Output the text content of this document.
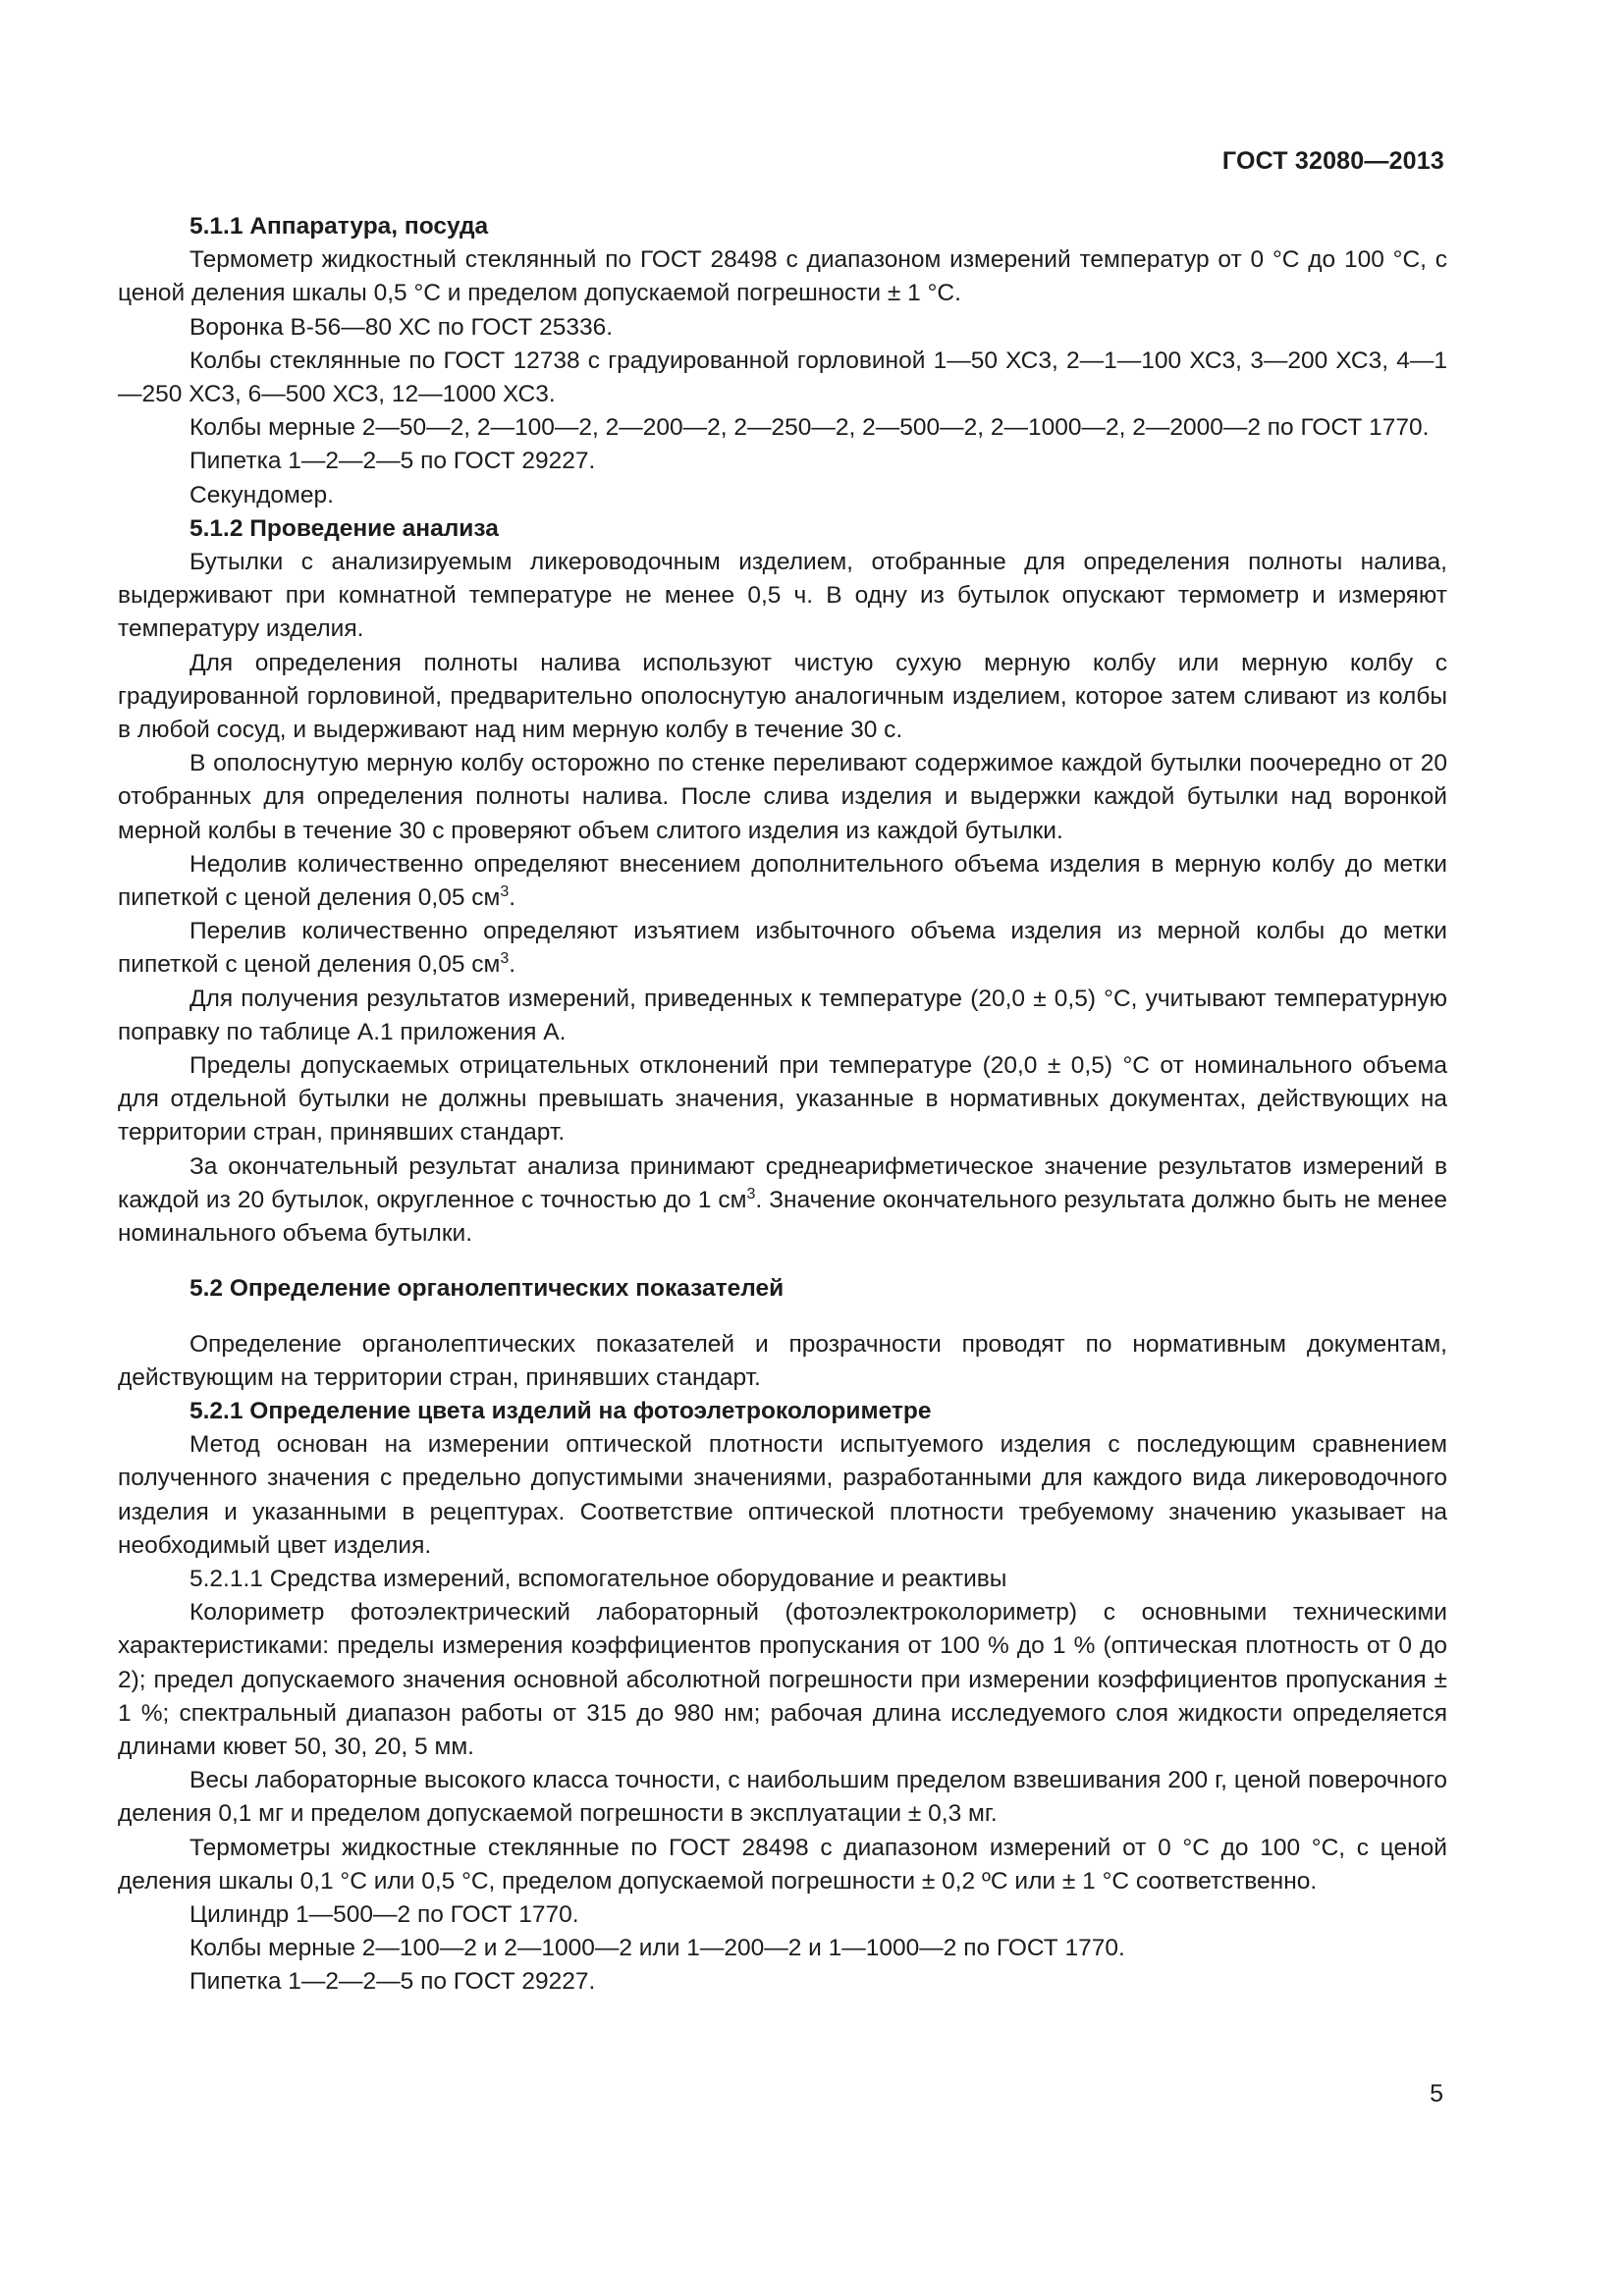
ГОСТ 32080—2013

5.1.1 Аппаратура, посуда

Термометр жидкостный стеклянный по ГОСТ 28498 с диапазоном измерений температур от 0 °С до 100 °С, с ценой деления шкалы 0,5 °С и пределом допускаемой погрешности ± 1 °С.

Воронка В-56—80 ХС по ГОСТ 25336.

Колбы стеклянные по ГОСТ 12738 с градуированной горловиной 1—50 ХС3, 2—1—100 ХС3, 3—200 ХС3, 4—1—250 ХС3, 6—500 ХС3, 12—1000 ХС3.

Колбы мерные 2—50—2, 2—100—2, 2—200—2, 2—250—2, 2—500—2, 2—1000—2, 2—2000—2 по ГОСТ 1770.

Пипетка 1—2—2—5 по ГОСТ 29227.

Секундомер.

5.1.2 Проведение анализа

Бутылки с анализируемым ликероводочным изделием, отобранные для определения полноты налива, выдерживают при комнатной температуре не менее 0,5 ч. В одну из бутылок опускают термометр и измеряют температуру изделия.

Для определения полноты налива используют чистую сухую мерную колбу или мерную колбу с градуированной горловиной, предварительно ополоснутую аналогичным изделием, которое затем сливают из колбы в любой сосуд, и выдерживают над ним мерную колбу в течение 30 с.

В ополоснутую мерную колбу осторожно по стенке переливают содержимое каждой бутылки поочередно от 20 отобранных для определения полноты налива. После слива изделия и выдержки каждой бутылки над воронкой мерной колбы в течение 30 с проверяют объем слитого изделия из каждой бутылки.

Недолив количественно определяют внесением дополнительного объема изделия в мерную колбу до метки пипеткой с ценой деления 0,05 $см^3$.

Перелив количественно определяют изъятием избыточного объема изделия из мерной колбы до метки пипеткой с ценой деления 0,05 $см^3$.

Для получения результатов измерений, приведенных к температуре (20,0 ± 0,5) °С, учитывают температурную поправку по таблице А.1 приложения А.

Пределы допускаемых отрицательных отклонений при температуре (20,0 ± 0,5) °С от номинального объема для отдельной бутылки не должны превышать значения, указанные в нормативных документах, действующих на территории стран, принявших стандарт.

За окончательный результат анализа принимают среднеарифметическое значение результатов измерений в каждой из 20 бутылок, округленное с точностью до 1 $см^3$. Значение окончательного результата должно быть не менее номинального объема бутылки.

5.2 Определение органолептических показателей

Определение органолептических показателей и прозрачности проводят по нормативным документам, действующим на территории стран, принявших стандарт.

5.2.1 Определение цвета изделий на фотоэлетроколориметре

Метод основан на измерении оптической плотности испытуемого изделия с последующим сравнением полученного значения с предельно допустимыми значениями, разработанными для каждого вида ликероводочного изделия и указанными в рецептурах. Соответствие оптической плотности требуемому значению указывает на необходимый цвет изделия.

5.2.1.1 Средства измерений, вспомогательное оборудование и реактивы

Колориметр фотоэлектрический лабораторный (фотоэлектроколориметр) с основными техническими характеристиками: пределы измерения коэффициентов пропускания от 100 % до 1 % (оптическая плотность от 0 до 2); предел допускаемого значения основной абсолютной погрешности при измерении коэффициентов пропускания ± 1 %; спектральный диапазон работы от 315 до 980 нм; рабочая длина исследуемого слоя жидкости определяется длинами кювет 50, 30, 20, 5 мм.

Весы лабораторные высокого класса точности, с наибольшим пределом взвешивания 200 г, ценой поверочного деления 0,1 мг и пределом допускаемой погрешности в эксплуатации ± 0,3 мг.

Термометры жидкостные стеклянные по ГОСТ 28498 с диапазоном измерений от 0 °С до 100 °С, с ценой деления шкалы 0,1 °С или 0,5 °С, пределом допускаемой погрешности ± 0,2 ºС или ± 1 °С соответственно.

Цилиндр 1—500—2 по ГОСТ 1770.

Колбы мерные 2—100—2 и 2—1000—2 или 1—200—2 и 1—1000—2 по ГОСТ 1770.

Пипетка 1—2—2—5 по ГОСТ 29227.

5
